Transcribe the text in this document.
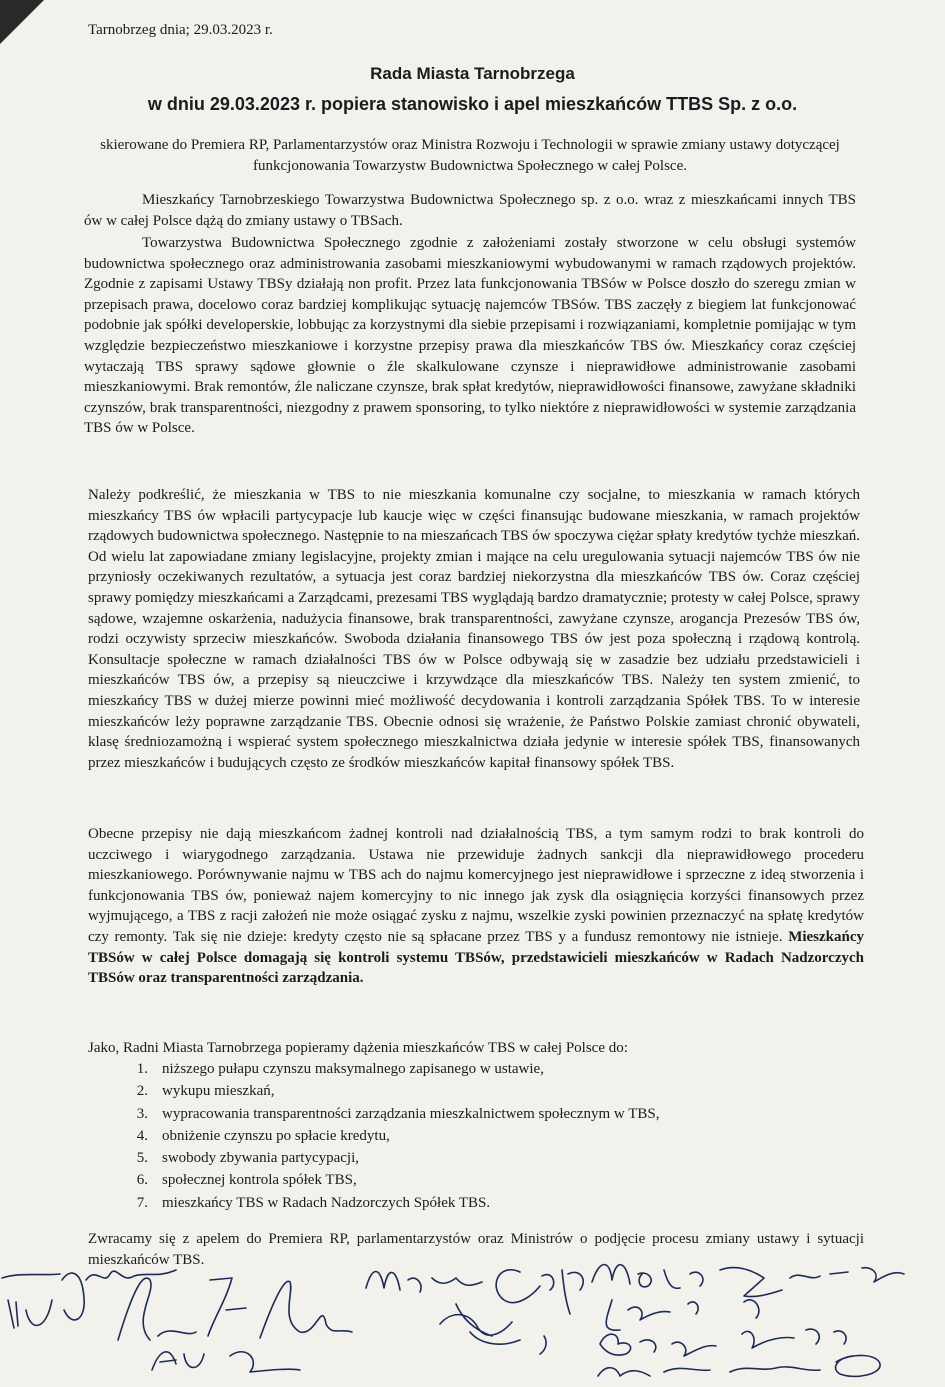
Tarnobrzeg dnia; 29.03.2023 r.
Rada Miasta Tarnobrzega
w dniu 29.03.2023 r. popiera stanowisko i apel mieszkańców TTBS Sp. z o.o.

skierowane do Premiera RP, Parlamentarzystów oraz Ministra Rozwoju i Technologii w sprawie zmiany ustawy dotyczącej funkcjonowania Towarzystw Budownictwa Społecznego w całej Polsce.

Mieszkańcy Tarnobrzeskiego Towarzystwa Budownictwa Społecznego sp. z o.o. wraz z mieszkańcami innych TBS ów w całej Polsce dążą do zmiany ustawy o TBSach.

Towarzystwa Budownictwa Społecznego zgodnie z założeniami zostały stworzone w celu obsługi systemów budownictwa społecznego oraz administrowania zasobami mieszkaniowymi wybudowanymi w ramach rządowych projektów. Zgodnie z zapisami Ustawy TBSy działają non profit. Przez lata funkcjonowania TBSów w Polsce doszło do szeregu zmian w przepisach prawa, docelowo coraz bardziej komplikując sytuację najemców TBSów. TBS zaczęły z biegiem lat funkcjonować podobnie jak spółki developerskie, lobbując za korzystnymi dla siebie przepisami i rozwiązaniami, kompletnie pomijając w tym względzie bezpieczeństwo mieszkaniowe i korzystne przepisy prawa dla mieszkańców TBS ów. Mieszkańcy coraz częściej wytaczają TBS sprawy sądowe głownie o źle skalkulowane czynsze i nieprawidłowe administrowanie zasobami mieszkaniowymi. Brak remontów, źle naliczane czynsze, brak spłat kredytów, nieprawidłowości finansowe, zawyżane składniki czynszów, brak transparentności, niezgodny z prawem sponsoring, to tylko niektóre z nieprawidłowości w systemie zarządzania TBS ów w Polsce.

Należy podkreślić, że mieszkania w TBS to nie mieszkania komunalne czy socjalne, to mieszkania w ramach których mieszkańcy TBS ów wpłacili partycypacje lub kaucje więc w części finansując budowane mieszkania, w ramach projektów rządowych budownictwa społecznego. Następnie to na mieszańcach TBS ów spoczywa ciężar spłaty kredytów tychże mieszkań. Od wielu lat zapowiadane zmiany legislacyjne, projekty zmian i mające na celu uregulowania sytuacji najemców TBS ów nie przyniosły oczekiwanych rezultatów, a sytuacja jest coraz bardziej niekorzystna dla mieszkańców TBS ów. Coraz częściej sprawy pomiędzy mieszkańcami a Zarządcami, prezesami TBS wyglądają bardzo dramatycznie; protesty w całej Polsce, sprawy sądowe, wzajemne oskarżenia, nadużycia finansowe, brak transparentności, zawyżane czynsze, arogancja Prezesów TBS ów, rodzi oczywisty sprzeciw mieszkańców. Swoboda działania finansowego TBS ów jest poza społeczną i rządową kontrolą. Konsultacje społeczne w ramach działalności TBS ów w Polsce odbywają się w zasadzie bez udziału przedstawicieli i mieszkańców TBS ów, a przepisy są nieuczciwe i krzywdzące dla mieszkańców TBS. Należy ten system zmienić, to mieszkańcy TBS w dużej mierze powinni mieć możliwość decydowania i kontroli zarządzania Spółek TBS. To w interesie mieszkańców leży poprawne zarządzanie TBS. Obecnie odnosi się wrażenie, że Państwo Polskie zamiast chronić obywateli, klasę średniozamożną i wspierać system społecznego mieszkalnictwa działa jedynie w interesie spółek TBS, finansowanych przez mieszkańców i budujących często ze środków mieszkańców kapitał finansowy spółek TBS.

Obecne przepisy nie dają mieszkańcom żadnej kontroli nad działalnością TBS, a tym samym rodzi to brak kontroli do uczciwego i wiarygodnego zarządzania. Ustawa nie przewiduje żadnych sankcji dla nieprawidłowego procederu mieszkaniowego. Porównywanie najmu w TBS ach do najmu komercyjnego jest nieprawidłowe i sprzeczne z ideą stworzenia i funkcjonowania TBS ów, ponieważ najem komercyjny to nic innego jak zysk dla osiągnięcia korzyści finansowych przez wyjmującego, a TBS z racji założeń nie może osiągać zysku z najmu, wszelkie zyski powinien przeznaczyć na spłatę kredytów czy remonty. Tak się nie dzieje: kredyty często nie są spłacane przez TBS y a fundusz remontowy nie istnieje. Mieszkańcy TBSów w całej Polsce domagają się kontroli systemu TBSów, przedstawicieli mieszkańców w Radach Nadzorczych TBSów oraz transparentności zarządzania.

Jako, Radni Miasta Tarnobrzega popieramy dążenia mieszkańców TBS w całej Polsce do:
1. niższego pułapu czynszu maksymalnego zapisanego w ustawie,
2. wykupu mieszkań,
3. wypracowania transparentności zarządzania mieszkalnictwem społecznym w TBS,
4. obniżenie czynszu po spłacie kredytu,
5. swobody zbywania partycypacji,
6. społecznej kontrola spółek TBS,
7. mieszkańcy TBS w Radach Nadzorczych Spółek TBS.

Zwracamy się z apelem do Premiera RP, parlamentarzystów oraz Ministrów o podjęcie procesu zmiany ustawy i sytuacji mieszkańców TBS.
